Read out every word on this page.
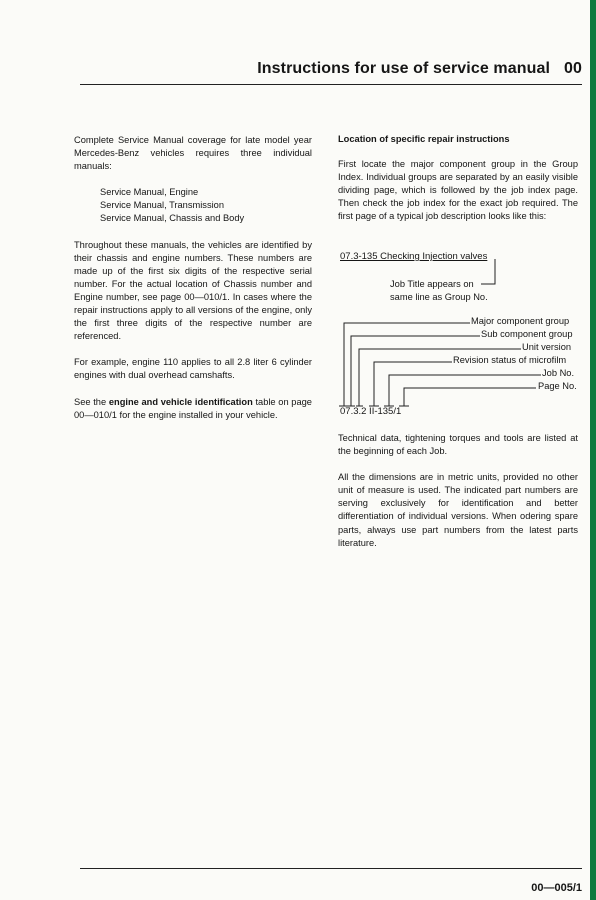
Instructions for use of service manual 00

Complete Service Manual coverage for late model year Mercedes-Benz vehicles requires three individual manuals:

Service Manual, Engine
Service Manual, Transmission
Service Manual, Chassis and Body

Throughout these manuals, the vehicles are identified by their chassis and engine numbers. These numbers are made up of the first six digits of the respective serial number. For the actual location of Chassis number and Engine number, see page 00—010/1. In cases where the repair instructions apply to all versions of the engine, only the first three digits of the respective number are referenced.

For example, engine 110 applies to all 2.8 liter 6 cylinder engines with dual overhead camshafts.

See the engine and vehicle identification table on page 00—010/1 for the engine installed in your vehicle.

Location of specific repair instructions

First locate the major component group in the Group Index. Individual groups are separated by an easily visible dividing page, which is followed by the job index page. Then check the job index for the exact job required. The first page of a typical job description looks like this:

07.3-135 Checking Injection valves
Job Title appears on
same line as Group No.
Major component group
Sub component group
Unit version
Revision status of microfilm
Job No.
Page No.
07.3.2 II-135/1

Technical data, tightening torques and tools are listed at the beginning of each Job.

All the dimensions are in metric units, provided no other unit of measure is used. The indicated part numbers are serving exclusively for identification and better differentiation of individual versions. When odering spare parts, always use part numbers from the latest parts literature.

00—005/1
